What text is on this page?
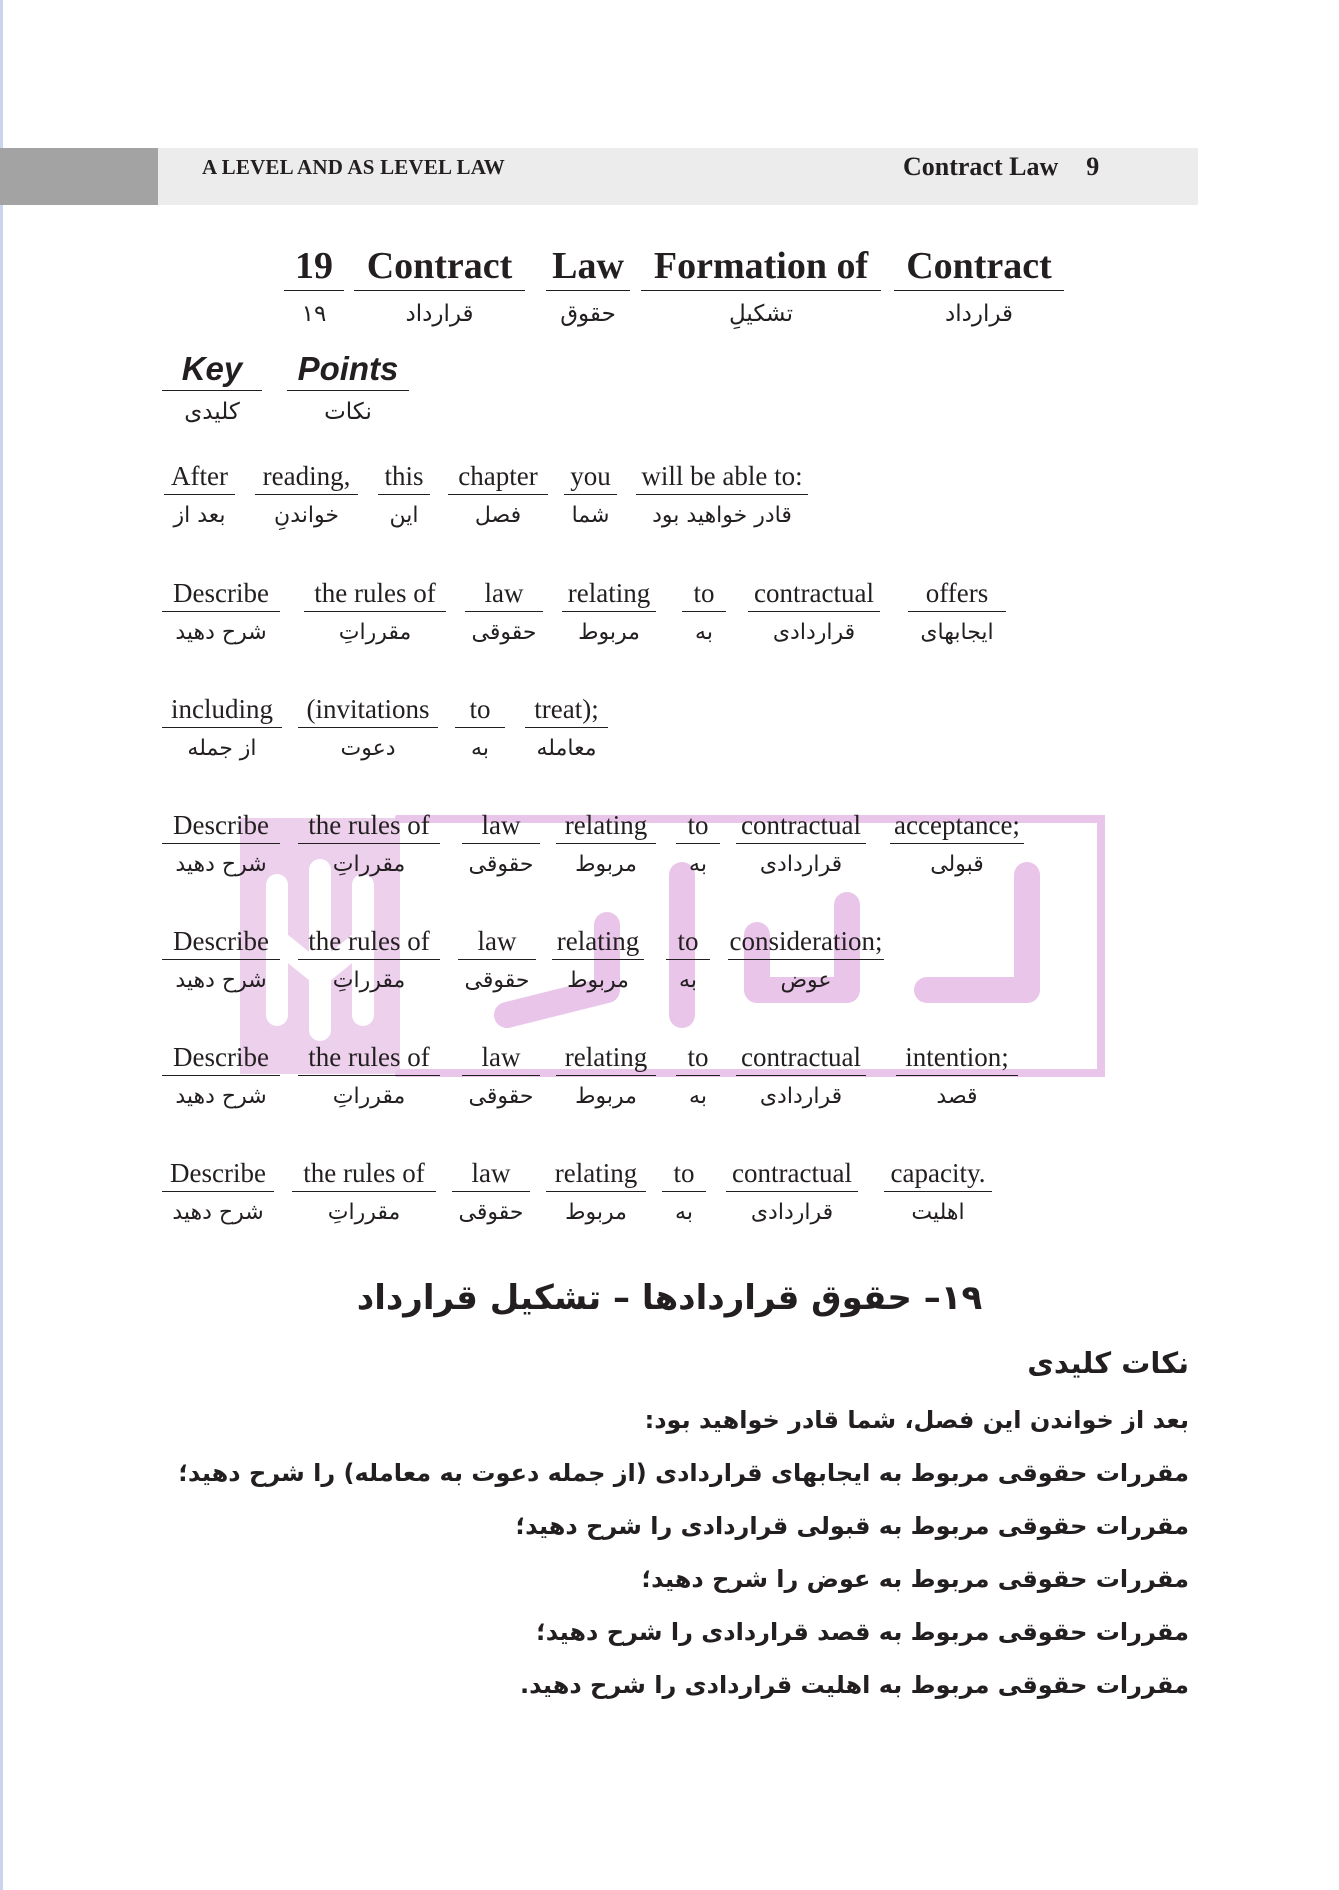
A LEVEL AND AS LEVEL LAW	Contract Law 9
19
۱۹
Contract
قرارداد
Law
حقوق
Formation of
تشکیلِ
Contract
قرارداد
Key
کلیدی
Points
نکات
After
بعد از
reading,
خواندنِ
this
این
chapter
فصل
you
شما
will be able to:
قادر خواهید بود
Describe
شرح دهید
the rules of
مقرراتِ
law
حقوقی
relating
مربوط
to
به
contractual
قراردادی
offers
ایجابهای
including
از جمله
(invitations
دعوت
to
به
treat);
معامله
Describe
شرح دهید
the rules of
مقرراتِ
law
حقوقی
relating
مربوط
to
به
contractual
قراردادی
acceptance;
قبولی
Describe
شرح دهید
the rules of
مقرراتِ
law
حقوقی
relating
مربوط
to
به
consideration;
عوض
Describe
شرح دهید
the rules of
مقرراتِ
law
حقوقی
relating
مربوط
to
به
contractual
قراردادی
intention;
قصد
Describe
شرح دهید
the rules of
مقرراتِ
law
حقوقی
relating
مربوط
to
به
contractual
قراردادی
capacity.
اهلیت
۱۹– حقوق قراردادها – تشکیل قرارداد
نکات کلیدی
بعد از خواندن این فصل، شما قادر خواهید بود:
مقررات حقوقی مربوط به ایجابهای قراردادی (از جمله دعوت به معامله) را شرح دهید؛
مقررات حقوقی مربوط به قبولی قراردادی را شرح دهید؛
مقررات حقوقی مربوط به عوض را شرح دهید؛
مقررات حقوقی مربوط به قصد قراردادی را شرح دهید؛
مقررات حقوقی مربوط به اهلیت قراردادی را شرح دهید.
